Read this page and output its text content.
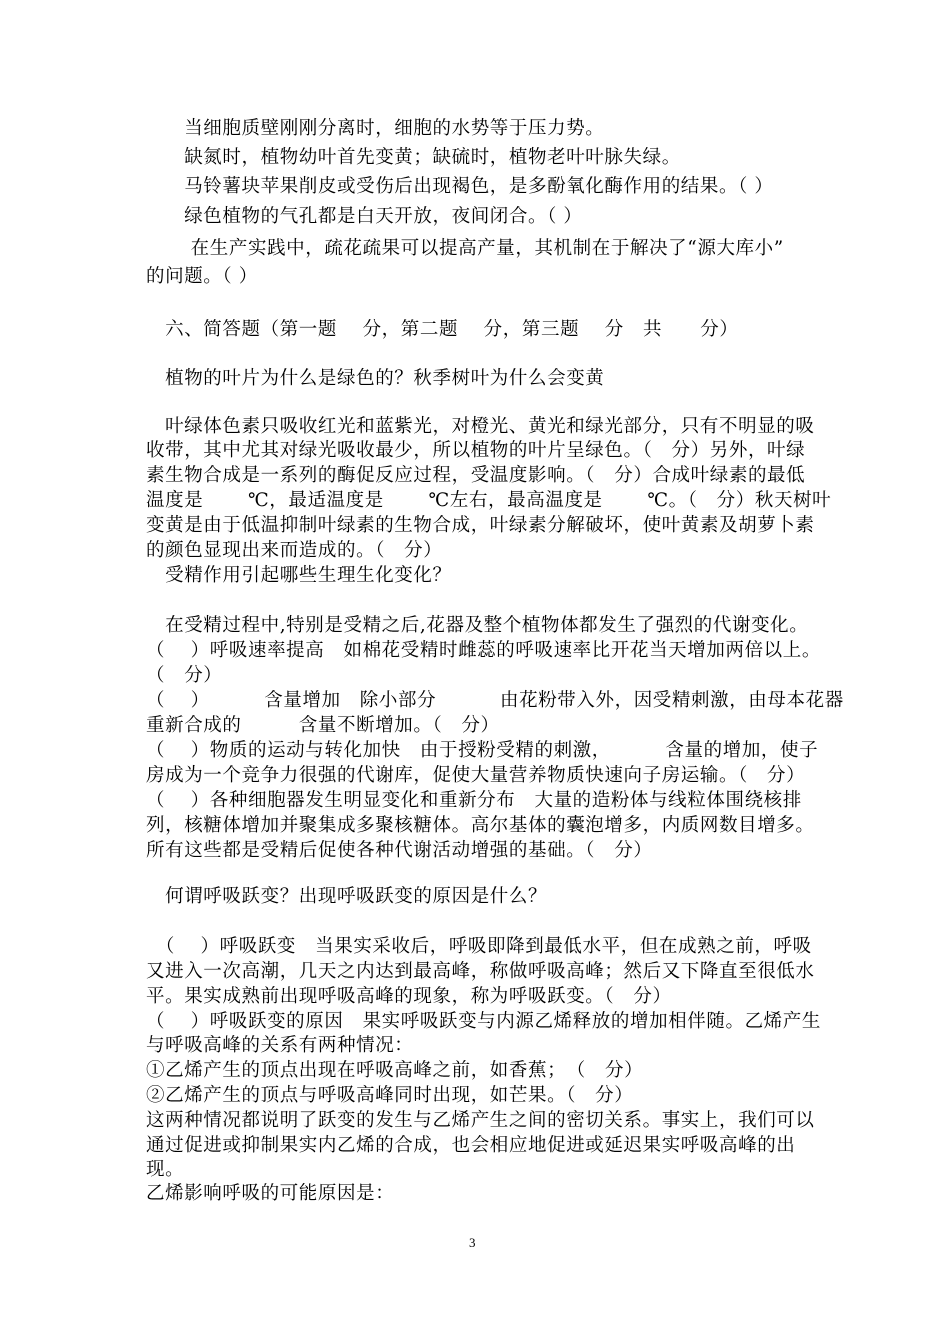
　　当细胞质壁刚刚分离时，细胞的水势等于压力势。

　　缺氮时，植物幼叶首先变黄；缺硫时，植物老叶叶脉失绿。

　　马铃薯块苹果削皮或受伤后出现褐色，是多酚氧化酶作用的结果。（ ）

　　绿色植物的气孔都是白天开放，夜间闭合。（ ）

　　 在生产实践中，疏花疏果可以提高产量，其机制在于解决了“源大库小”

的问题。（ ）

　六、简答题（第一题　 分，第二题　 分，第三题　 分　共　　分）

　植物的叶片为什么是绿色的？秋季树叶为什么会变黄

　叶绿体色素只吸收红光和蓝紫光，对橙光、黄光和绿光部分，只有不明显的吸

收带，其中尤其对绿光吸收最少，所以植物的叶片呈绿色。（　分）另外，叶绿

素生物合成是一系列的酶促反应过程，受温度影响。（　分）合成叶绿素的最低

温度是　　 ℃，最适温度是　　 ℃左右，最高温度是　　 ℃。（　分）秋天树叶

变黄是由于低温抑制叶绿素的生物合成，叶绿素分解破坏，使叶黄素及胡萝卜素

的颜色显现出来而造成的。（　分）

　受精作用引起哪些生理生化变化？

　在受精过程中,特别是受精之后,花器及整个植物体都发生了强烈的代谢变化。

（　 ）呼吸速率提高　如棉花受精时雌蕊的呼吸速率比开花当天增加两倍以上。

（　分）

（　 ）　　　 含量增加　除小部分　　　 由花粉带入外，因受精刺激，由母本花器

重新合成的　　　含量不断增加。（　分）

（　 ）物质的运动与转化加快　由于授粉受精的刺激，　　　 含量的增加，使子

房成为一个竞争力很强的代谢库，促使大量营养物质快速向子房运输。（　分）

（　 ）各种细胞器发生明显变化和重新分布　大量的造粉体与线粒体围绕核排

列，核糖体增加并聚集成多聚核糖体。高尔基体的囊泡增多，内质网数目增多。

所有这些都是受精后促使各种代谢活动增强的基础。（　分）

　何谓呼吸跃变？出现呼吸跃变的原因是什么？

　（　 ）呼吸跃变　当果实采收后，呼吸即降到最低水平，但在成熟之前，呼吸

又进入一次高潮，几天之内达到最高峰，称做呼吸高峰；然后又下降直至很低水

平。果实成熟前出现呼吸高峰的现象，称为呼吸跃变。（　分）

（　 ）呼吸跃变的原因　果实呼吸跃变与内源乙烯释放的增加相伴随。乙烯产生

与呼吸高峰的关系有两种情况：

①乙烯产生的顶点出现在呼吸高峰之前，如香蕉；　（　分）

②乙烯产生的顶点与呼吸高峰同时出现，如芒果。（　分）

这两种情况都说明了跃变的发生与乙烯产生之间的密切关系。事实上，我们可以

通过促进或抑制果实内乙烯的合成，也会相应地促进或延迟果实呼吸高峰的出

现。

乙烯影响呼吸的可能原因是：

3
